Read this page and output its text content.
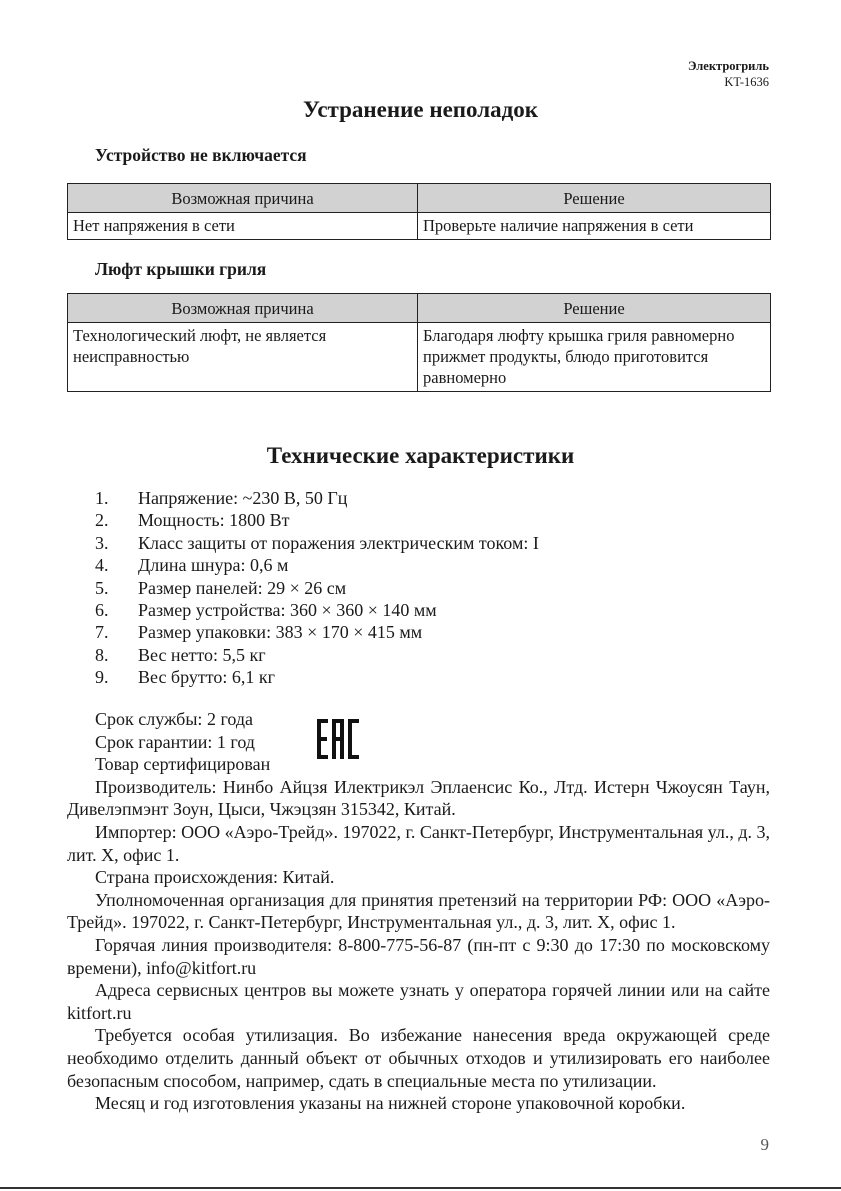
Электрогриль
KT-1636
Устранение неполадок
Устройство не включается
Возможная причина	Решение
Нет напряжения в сети	Проверьте наличие напряжения в сети
Люфт крышки гриля
Возможная причина	Решение
Технологический люфт, не является неисправностью	Благодаря люфту крышка гриля равномерно прижмет продукты, блюдо приготовится равномерно
Технические характеристики
1.	Напряжение: ~230 В, 50 Гц
2.	Мощность: 1800 Вт
3.	Класс защиты от поражения электрическим током: I
4.	Длина шнура: 0,6 м
5.	Размер панелей: 29 × 26 см
6.	Размер устройства: 360 × 360 × 140 мм
7.	Размер упаковки: 383 × 170 × 415 мм
8.	Вес нетто: 5,5 кг
9.	Вес брутто: 6,1 кг

Срок службы: 2 года

Срок гарантии: 1 год

Товар сертифицирован

Производитель: Нинбо Айцзя Илектрикэл Эплаенсис Ко., Лтд. Истерн Чжоусян Таун, Дивелэпмэнт Зоун, Цыси, Чжэцзян 315342, Китай.

Импортер: ООО «Аэро-Трейд». 197022, г. Санкт-Петербург, Инструментальная ул., д. 3, лит. Х, офис 1.

Страна происхождения: Китай.

Уполномоченная организация для принятия претензий на территории РФ: ООО «Аэро-Трейд». 197022, г. Санкт-Петербург, Инструментальная ул., д. 3, лит. Х, офис 1.

Горячая линия производителя: 8-800-775-56-87 (пн-пт с 9:30 до 17:30 по московскому времени), info@kitfort.ru

Адреса сервисных центров вы можете узнать у оператора горячей линии или на сайте kitfort.ru

Требуется особая утилизация. Во избежание нанесения вреда окружающей среде необходимо отделить данный объект от обычных отходов и утилизировать его наиболее безопасным способом, например, сдать в специальные места по утилизации.

Месяц и год изготовления указаны на нижней стороне упаковочной коробки.

9
